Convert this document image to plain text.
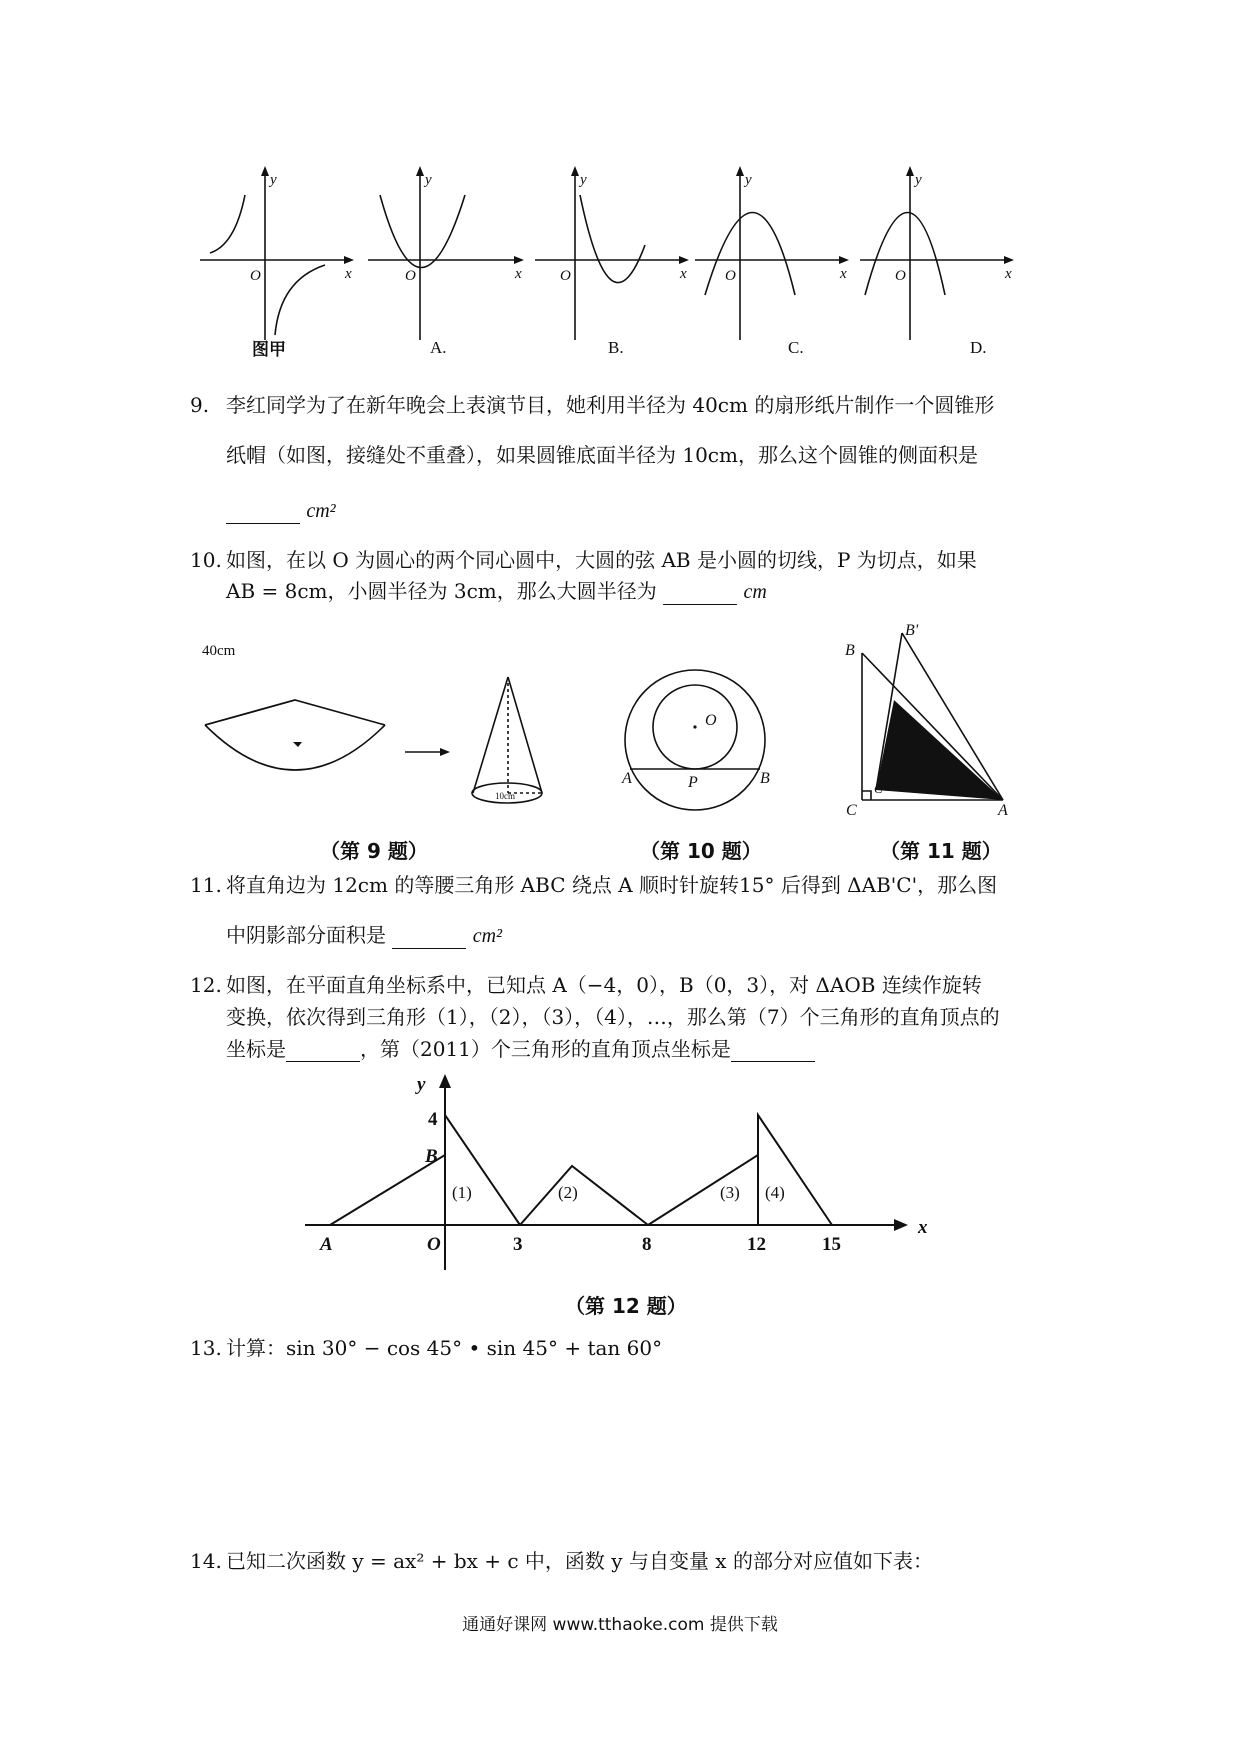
y
x
O
y
x
O
y
x
O
y
x
O
y
x
O
图甲	A.	B.	C.	D.
9. 李红同学为了在新年晚会上表演节目，她利用半径为 40cm 的扇形纸片制作一个圆锥形
纸帽（如图，接缝处不重叠），如果圆锥底面半径为 10cm，那么这个圆锥的侧面积是
cm²
10. 如图，在以 O 为圆心的两个同心圆中，大圆的弦 AB 是小圆的切线，P 为切点，如果
AB = 8cm，小圆半径为 3cm，那么大圆半径为	cm
O
A	P	B
B'
B
C'
C	A
40cm
10cm
（第 9 题）	（第 10 题）	（第 11 题）
11. 将直角边为 12cm 的等腰三角形 ABC 绕点 A 顺时针旋转15° 后得到 ΔAB'C'，那么图
中阴影部分面积是	cm²
12. 如图，在平面直角坐标系中，已知点 A（−4，0），B（0，3），对 ΔAOB 连续作旋转
变换，依次得到三角形（1），（2），（3），（4），…，那么第（7）个三角形的直角顶点的
坐标是	，第（2011）个三角形的直角顶点坐标是
y
x
4
B
A	O	3	8	12	15
(1)	(2)	(3) (4)
（第 12 题）
13. 计算：sin 30° − cos 45° • sin 45° + tan 60°
14. 已知二次函数 y = ax² + bx + c 中，函数 y 与自变量 x 的部分对应值如下表：
通通好课网 www.tthaoke.com 提供下载
